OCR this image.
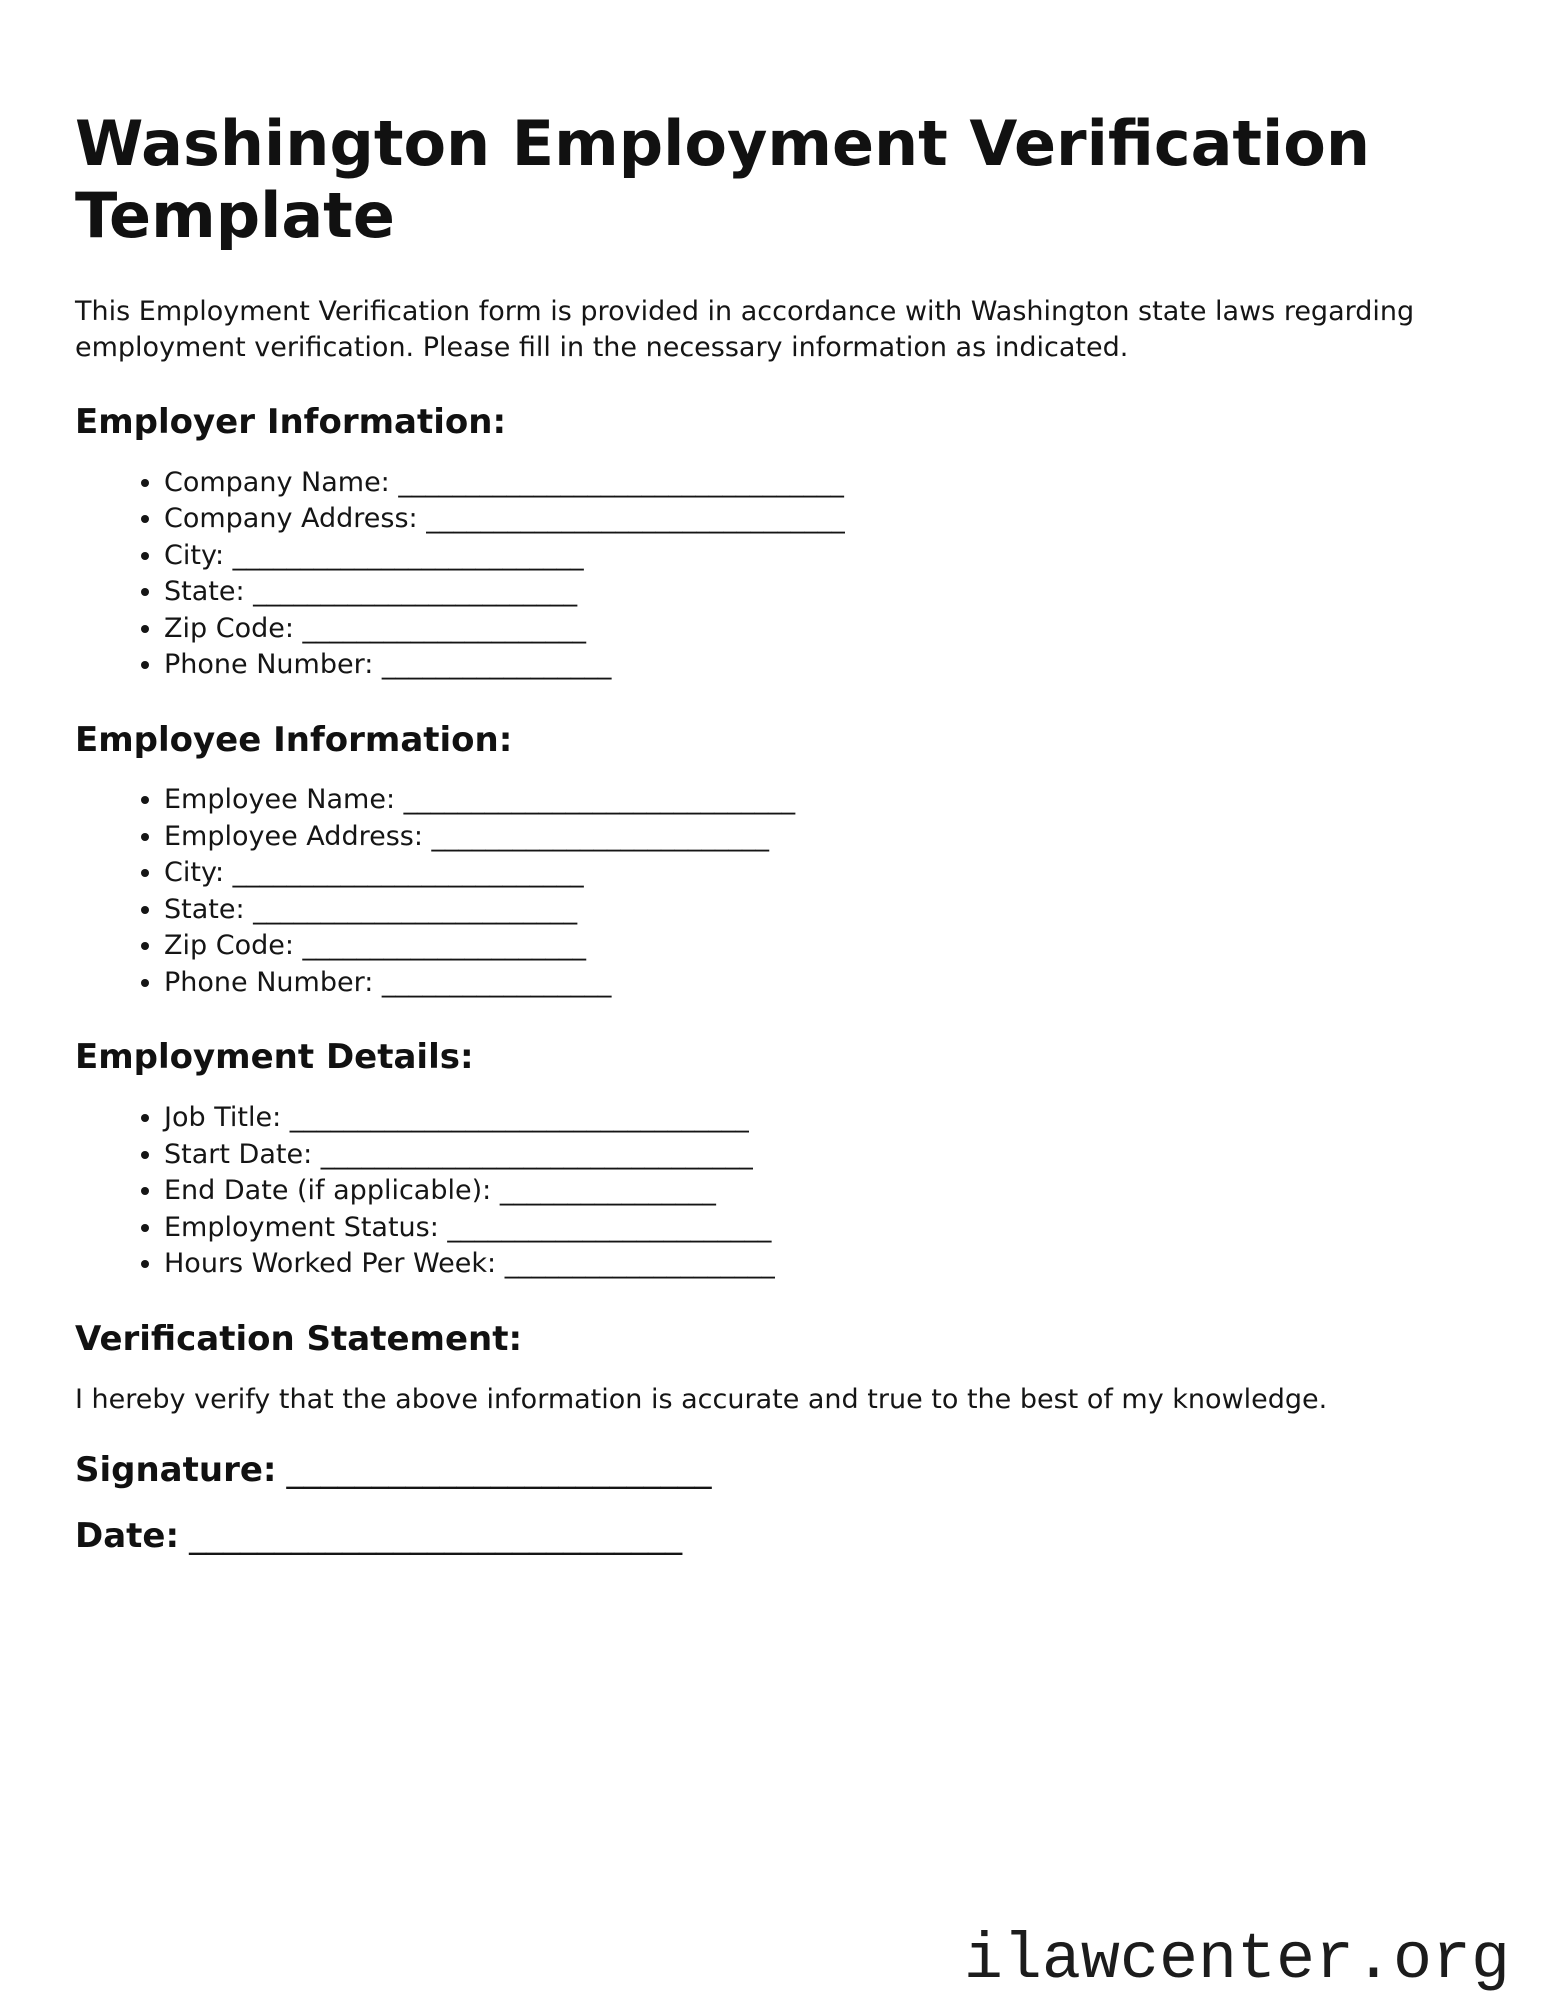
Washington Employment Verification Template

This Employment Verification form is provided in accordance with Washington state laws regarding employment verification. Please fill in the necessary information as indicated.

Employer Information:
• Company Name: _________________________________
• Company Address: _______________________________
• City: __________________________
• State: ________________________
• Zip Code: _____________________
• Phone Number: _________________
Employee Information:
• Employee Name: _____________________________
• Employee Address: _________________________
• City: __________________________
• State: ________________________
• Zip Code: _____________________
• Phone Number: _________________
Employment Details:
• Job Title: __________________________________
• Start Date: ________________________________
• End Date (if applicable): ________________
• Employment Status: ________________________
• Hours Worked Per Week: ____________________
Verification Statement:

I hereby verify that the above information is accurate and true to the best of my knowledge.

Signature: _________________________

Date: _____________________________

ilawcenter.org
